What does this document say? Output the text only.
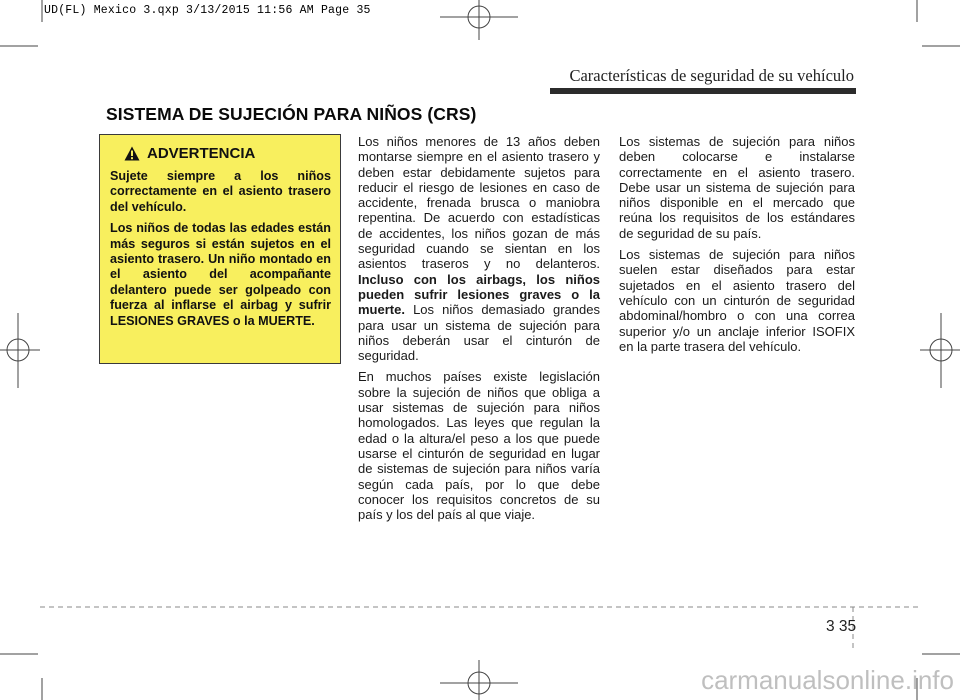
UD(FL) Mexico 3.qxp 3/13/2015 11:56 AM Page 35
Características de seguridad de su vehículo
SISTEMA DE SUJECIÓN PARA NIÑOS (CRS)
ADVERTENCIA

Sujete siempre a los niños correctamente en el asiento trasero del vehículo.

Los niños de todas las edades están más seguros si están sujetos en el asiento trasero. Un niño montado en el asiento del acompañante delantero puede ser golpeado con fuerza al inflarse el airbag y sufrir LESIONES GRAVES o la MUERTE.

Los niños menores de 13 años deben montarse siempre en el asiento trasero y deben estar debidamente sujetos para reducir el riesgo de lesiones en caso de accidente, frenada brusca o maniobra repentina. De acuerdo con estadísticas de accidentes, los niños gozan de más seguridad cuando se sientan en los asientos traseros y no delanteros. Incluso con los airbags, los niños pueden sufrir lesiones graves o la muerte. Los niños demasiado grandes para usar un sistema de sujeción para niños deberán usar el cinturón de seguridad.

En muchos países existe legislación sobre la sujeción de niños que obliga a usar sistemas de sujeción para niños homologados. Las leyes que regulan la edad o la altura/el peso a los que puede usarse el cinturón de seguridad en lugar de sistemas de sujeción para niños varía según cada país, por lo que debe conocer los requisitos concretos de su país y los del país al que viaje.

Los sistemas de sujeción para niños deben colocarse e instalarse correctamente en el asiento trasero. Debe usar un sistema de sujeción para niños disponible en el mercado que reúna los requisitos de los estándares de seguridad de su país.

Los sistemas de sujeción para niños suelen estar diseñados para estar sujetados en el asiento trasero del vehículo con un cinturón de seguridad abdominal/hombro o con una correa superior y/o un anclaje inferior ISOFIX en la parte trasera del vehículo.

3 35
carmanualsonline.info
